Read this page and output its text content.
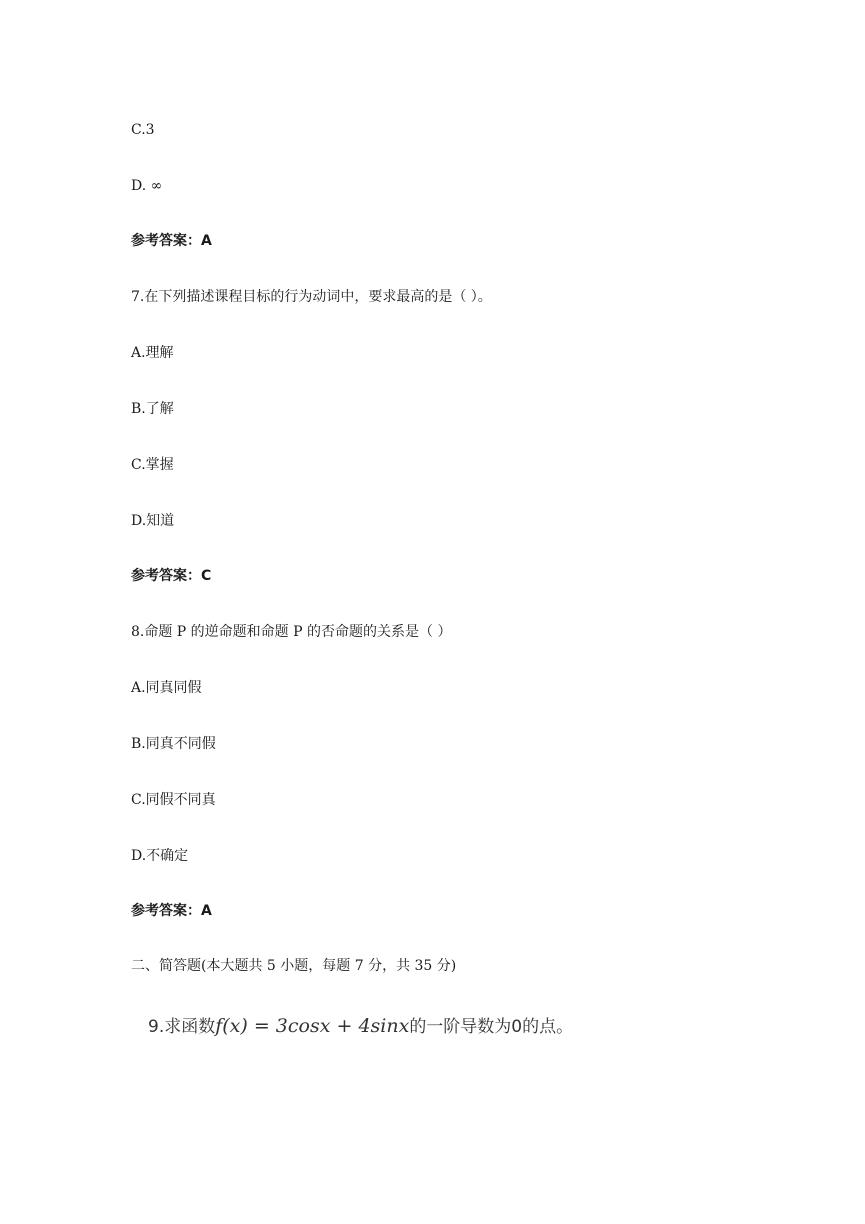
C.3
D. ∞
参考答案：A
7.在下列描述课程目标的行为动词中，要求最高的是（ ）。
A.理解
B.了解
C.掌握
D.知道
参考答案：C
8.命题 P 的逆命题和命题 P 的否命题的关系是（ ）
A.同真同假
B.同真不同假
C.同假不同真
D.不确定
参考答案：A
二、简答题(本大题共 5 小题，每题 7 分，共 35 分)
9.求函数f(x) = 3cosx + 4sinx的一阶导数为0的点。
